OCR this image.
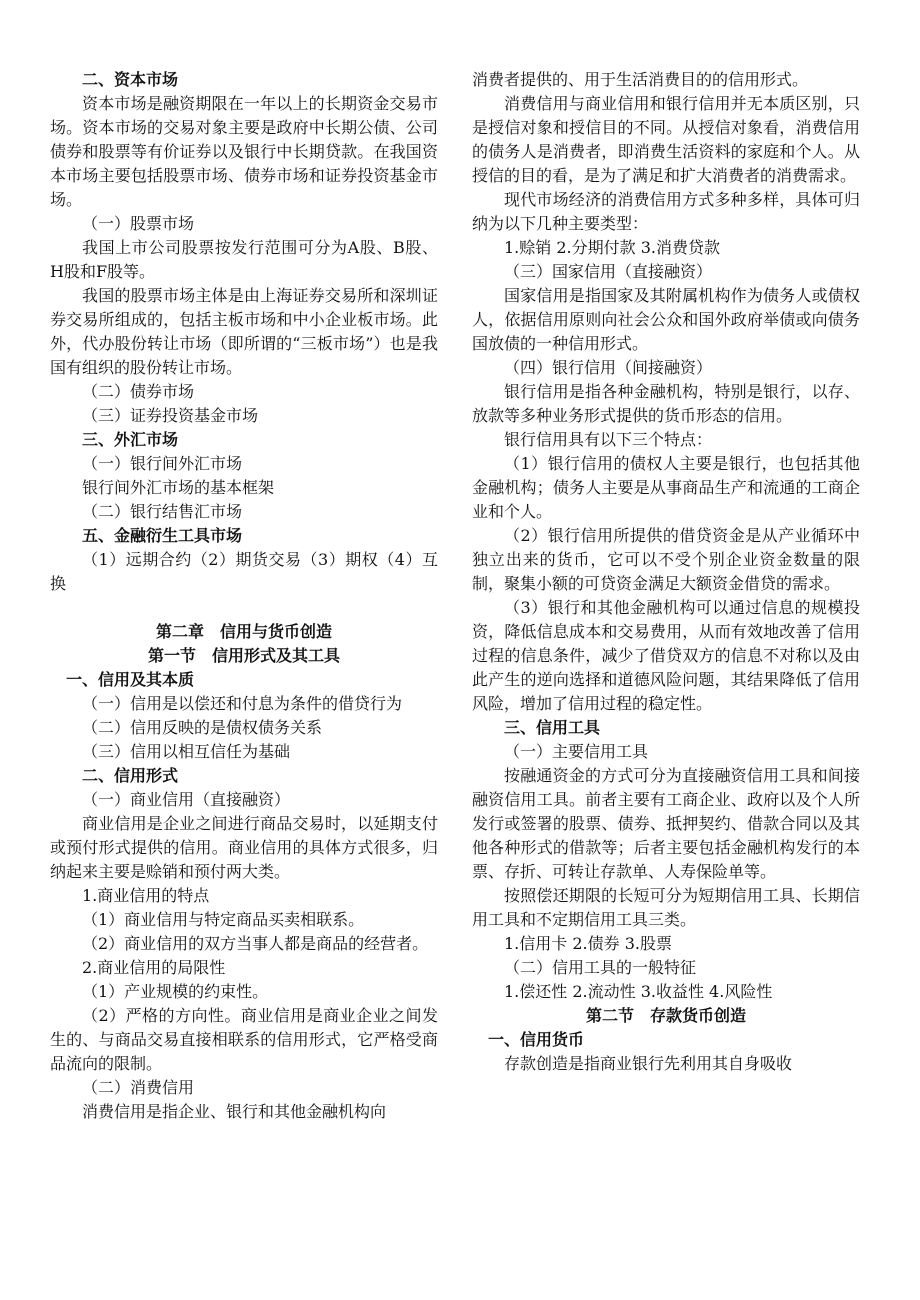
二、资本市场
资本市场是融资期限在一年以上的长期资金交易市场。资本市场的交易对象主要是政府中长期公债、公司债券和股票等有价证券以及银行中长期贷款。在我国资本市场主要包括股票市场、债券市场和证券投资基金市场。
（一）股票市场
我国上市公司股票按发行范围可分为A股、B股、H股和F股等。
我国的股票市场主体是由上海证券交易所和深圳证券交易所组成的，包括主板市场和中小企业板市场。此外，代办股份转让市场（即所谓的“三板市场”）也是我国有组织的股份转让市场。
（二）债券市场
（三）证券投资基金市场
三、外汇市场
（一）银行间外汇市场
银行间外汇市场的基本框架
（二）银行结售汇市场
五、金融衍生工具市场
（1）远期合约（2）期货交易（3）期权（4）互换
第二章 信用与货币创造
第一节 信用形式及其工具
一、信用及其本质
（一）信用是以偿还和付息为条件的借贷行为
（二）信用反映的是债权债务关系
（三）信用以相互信任为基础
二、信用形式
（一）商业信用（直接融资）
商业信用是企业之间进行商品交易时，以延期支付或预付形式提供的信用。商业信用的具体方式很多，归纳起来主要是赊销和预付两大类。
1.商业信用的特点
（1）商业信用与特定商品买卖相联系。
（2）商业信用的双方当事人都是商品的经营者。
2.商业信用的局限性
（1）产业规模的约束性。
（2）严格的方向性。商业信用是商业企业之间发生的、与商品交易直接相联系的信用形式，它严格受商品流向的限制。
（二）消费信用
消费信用是指企业、银行和其他金融机构向
消费者提供的、用于生活消费目的的信用形式。
消费信用与商业信用和银行信用并无本质区别，只是授信对象和授信目的不同。从授信对象看，消费信用的债务人是消费者，即消费生活资料的家庭和个人。从授信的目的看，是为了满足和扩大消费者的消费需求。
现代市场经济的消费信用方式多种多样，具体可归纳为以下几种主要类型：
1.赊销 2.分期付款 3.消费贷款
（三）国家信用（直接融资）
国家信用是指国家及其附属机构作为债务人或债权人，依据信用原则向社会公众和国外政府举债或向债务国放债的一种信用形式。
（四）银行信用（间接融资）
银行信用是指各种金融机构，特别是银行，以存、放款等多种业务形式提供的货币形态的信用。
银行信用具有以下三个特点：
（1）银行信用的债权人主要是银行，也包括其他金融机构；债务人主要是从事商品生产和流通的工商企业和个人。
（2）银行信用所提供的借贷资金是从产业循环中独立出来的货币，它可以不受个别企业资金数量的限制，聚集小额的可贷资金满足大额资金借贷的需求。
（3）银行和其他金融机构可以通过信息的规模投资，降低信息成本和交易费用，从而有效地改善了信用过程的信息条件，减少了借贷双方的信息不对称以及由此产生的逆向选择和道德风险问题，其结果降低了信用风险，增加了信用过程的稳定性。
三、信用工具
（一）主要信用工具
按融通资金的方式可分为直接融资信用工具和间接融资信用工具。前者主要有工商企业、政府以及个人所发行或签署的股票、债券、抵押契约、借款合同以及其他各种形式的借款等；后者主要包括金融机构发行的本票、存折、可转让存款单、人寿保险单等。
按照偿还期限的长短可分为短期信用工具、长期信用工具和不定期信用工具三类。
1.信用卡 2.债券 3.股票
（二）信用工具的一般特征
1.偿还性 2.流动性 3.收益性 4.风险性
第二节 存款货币创造
一、信用货币
存款创造是指商业银行先利用其自身吸收
